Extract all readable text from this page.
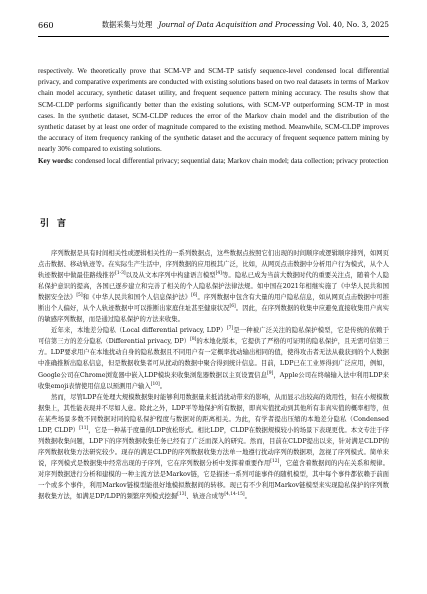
660	数据采集与处理 Journal of Data Acquisition and Processing Vol. 40, No. 3, 2025

respectively. We theoretically prove that SCM-VP and SCM-TP satisfy sequence-level condensed local differential privacy, and comparative experiments are conducted with existing solutions based on two real datasets in terms of Markov chain model accuracy, synthetic dataset utility, and frequent sequence pattern mining accuracy. The results show that SCM-CLDP performs significantly better than the existing solutions, with SCM-VP outperforming SCM-TP in most cases. In the synthetic dataset, SCM-CLDP reduces the error of the Markov chain model and the distribution of the synthetic dataset by at least one order of magnitude compared to the existing method. Meanwhile, SCM-CLDP improves the accuracy of item frequency ranking of the synthetic dataset and the accuracy of frequent sequence pattern mining by nearly 30% compared to existing solutions.

Key words: condensed local differential privacy; sequential data; Markov chain model; data collection; privacy protection

引言

序列数据是具有时间相关性或逻辑相关性的一系列数据点，这些数据点按照它们出现的时间顺序或逻辑顺序排列，如网页点击数据、移动轨迹等。在实际生产生活中，序列数据的应用极其广泛，比如，从网页点击数据中分析用户行为模式，从个人轨迹数据中做最佳路线推荐[1-3]以及从文本序列中构建语言模型[4]等。隐私已成为当前大数据时代的重要关注点，随着个人隐私保护意识的提高，各国已逐步建立和完善了相关的个人隐私保护法律法规。如中国在2021年相继实施了《中华人民共和国数据安全法》[5]和《中华人民共和国个人信息保护法》[6]。序列数据中包含有大量的用户隐私信息，如从网页点击数据中可推断出个人偏好，从个人轨迹数据中可以推断出家庭住址甚至健康状况[6]。因此，在序列数据的收集中应避免直接收集用户真实的敏感序列数据，而是通过隐私保护的方法来收集。

近年来，本地差分隐私（Local differential privacy, LDP）[7]是一种被广泛关注的隐私保护模型，它是传统的依赖于可信第三方的差分隐私（Differential privacy, DP）[8]的本地化版本，它提供了严格的可证明的隐私保护，且无需可信第三方。LDP要求用户在本地扰动自身的隐私数据且不同用户有一定概率扰动输出相同的值，使得攻击者无法从截获到的个人数据中准确推断出隐私信息，但是数据收集者可从扰动的数据中聚合得到统计信息。目前，LDP已在工业界得到广泛应用，例如，Google公司在Chrome浏览器中嵌入LDP模块来收集浏览器数据以主页设置信息[9]，Apple公司在终端输入法中利用LDP来收集emoji表情使用信息以预测用户输入[10]。

然而，尽管LDP在处理大规模数据集时能够利用数据量来抵消扰动带来的影响，从而显示出较高的效用性，但在小规模数据集上，其性能表现并不尽如人意。除此之外，LDP平等地保护所有数据，即真实值扰动到其他所有非真实值的概率相等，但在某些场景多数不同数据对同的隐私保护程度与数据对的距离相关。为此，有学者提出压缩的本地差分隐私（Condensed LDP, CLDP）[11]，它是一种基于度量的LDP放松形式。相比LDP，CLDP在数据规模较小的场景下表现更优。本文专注于序列数据收集问题，LDP下的序列数据收集任务已经有了广泛而深入的研究。然而，目前在CLDP提出以来，针对满足CLDP的序列数据收集方法研究较少。现存的满足CLDP的序列数据收集方法单一地遵行扰动序列的数据项，忽视了序列模式。简单来说，序列模式是数据集中经常出现的子序列，它在序列数据分析中发挥着重要作用[12]，它蕴含着数据间的内在关系和规律。对序列数据进行分析和建模的一种主流方法是Markov链，它是描述一系列可能事件的随机模型，其中每个事件都依赖于前面一个或多个事件，利用Markov链模型能很好地模拟数据间的转移。现已有不少利用Markov链模型来实现隐私保护的序列数据收集方法，如满足DP/LDP的频繁序列模式挖掘[13]、轨迹合成等[4,14-15]。
